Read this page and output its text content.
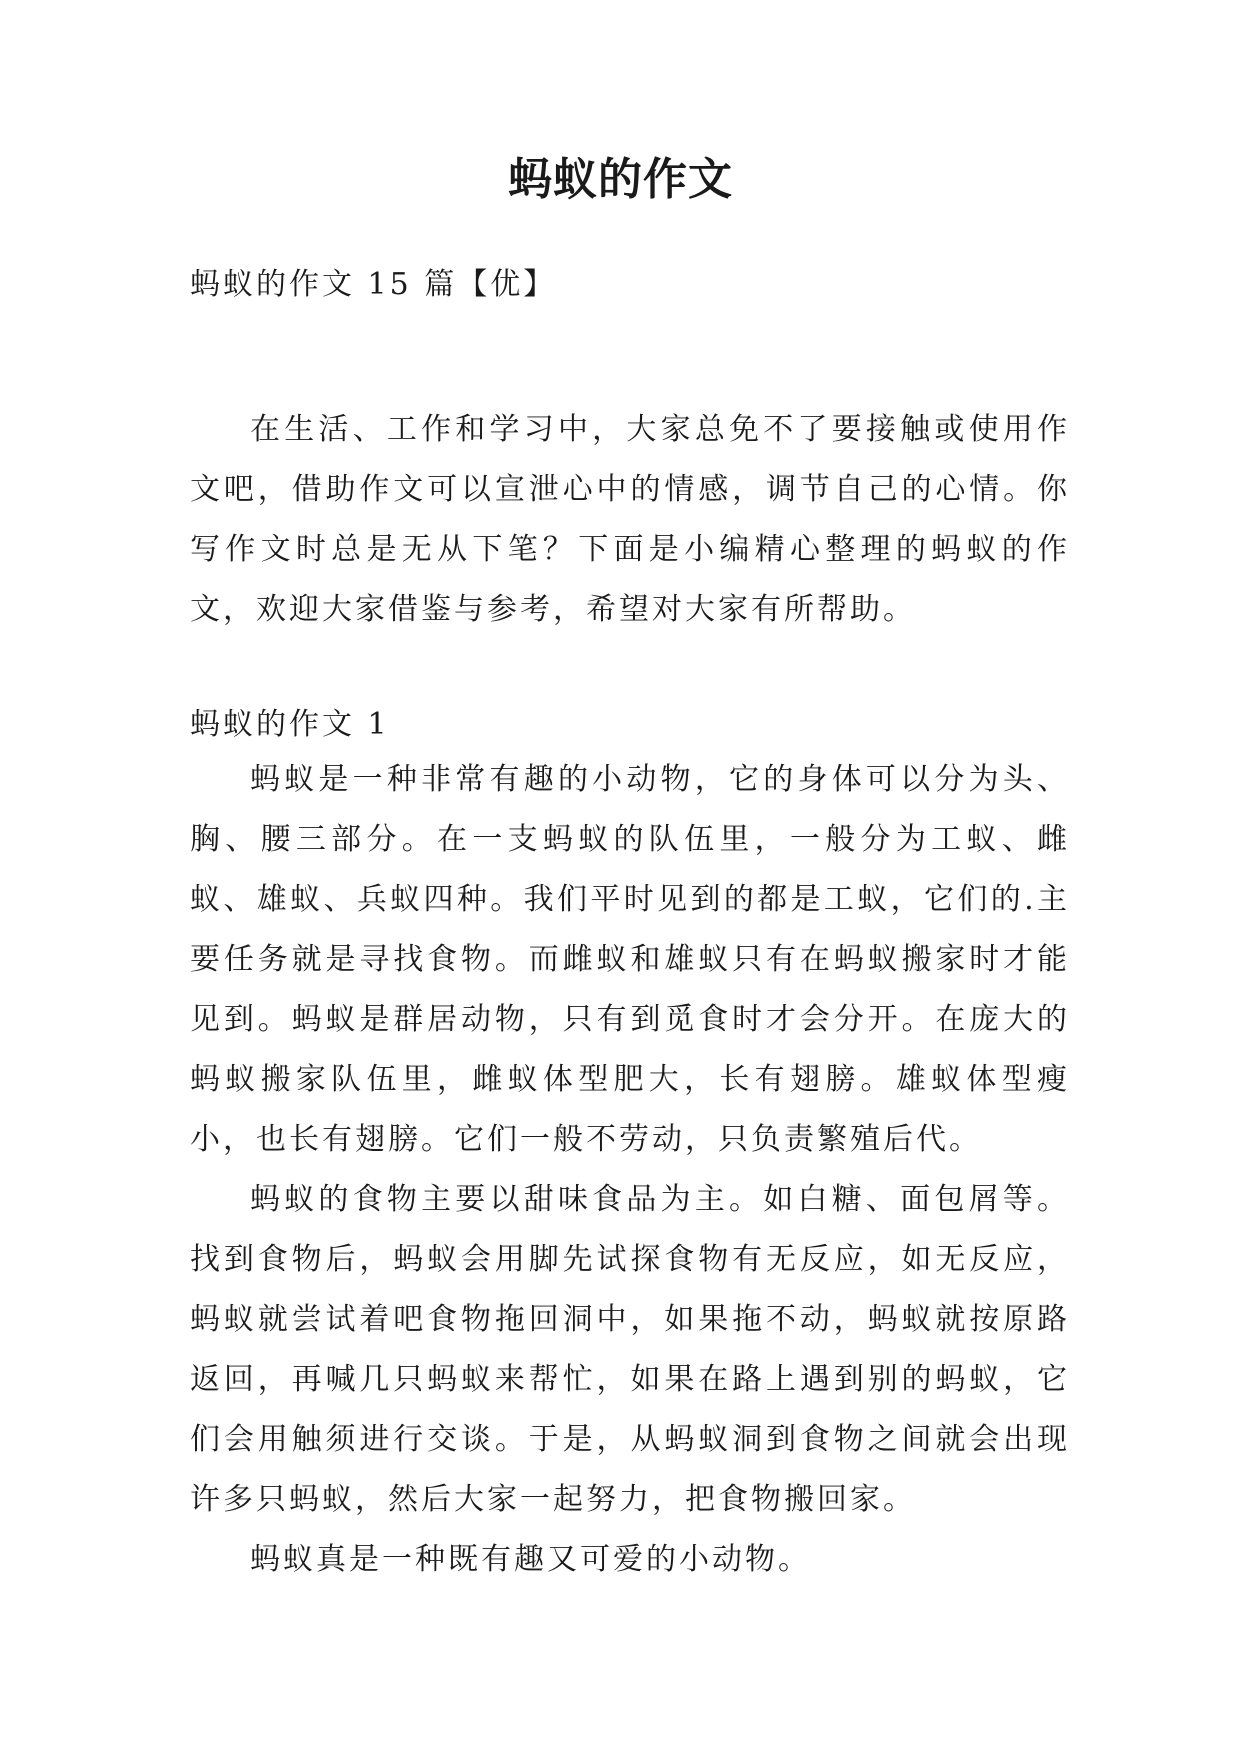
蚂蚁的作文

蚂蚁的作文 15 篇【优】

在生活、工作和学习中，大家总免不了要接触或使用作文吧，借助作文可以宣泄心中的情感，调节自己的心情。你写作文时总是无从下笔？下面是小编精心整理的蚂蚁的作文，欢迎大家借鉴与参考，希望对大家有所帮助。

蚂蚁的作文 1

蚂蚁是一种非常有趣的小动物，它的身体可以分为头、胸、腰三部分。在一支蚂蚁的队伍里，一般分为工蚁、雌蚁、雄蚁、兵蚁四种。我们平时见到的都是工蚁，它们的.主要任务就是寻找食物。而雌蚁和雄蚁只有在蚂蚁搬家时才能见到。蚂蚁是群居动物，只有到觅食时才会分开。在庞大的蚂蚁搬家队伍里，雌蚁体型肥大，长有翅膀。雄蚁体型瘦小，也长有翅膀。它们一般不劳动，只负责繁殖后代。

蚂蚁的食物主要以甜味食品为主。如白糖、面包屑等。找到食物后，蚂蚁会用脚先试探食物有无反应，如无反应，蚂蚁就尝试着吧食物拖回洞中，如果拖不动，蚂蚁就按原路返回，再喊几只蚂蚁来帮忙，如果在路上遇到别的蚂蚁，它们会用触须进行交谈。于是，从蚂蚁洞到食物之间就会出现许多只蚂蚁，然后大家一起努力，把食物搬回家。

蚂蚁真是一种既有趣又可爱的小动物。
